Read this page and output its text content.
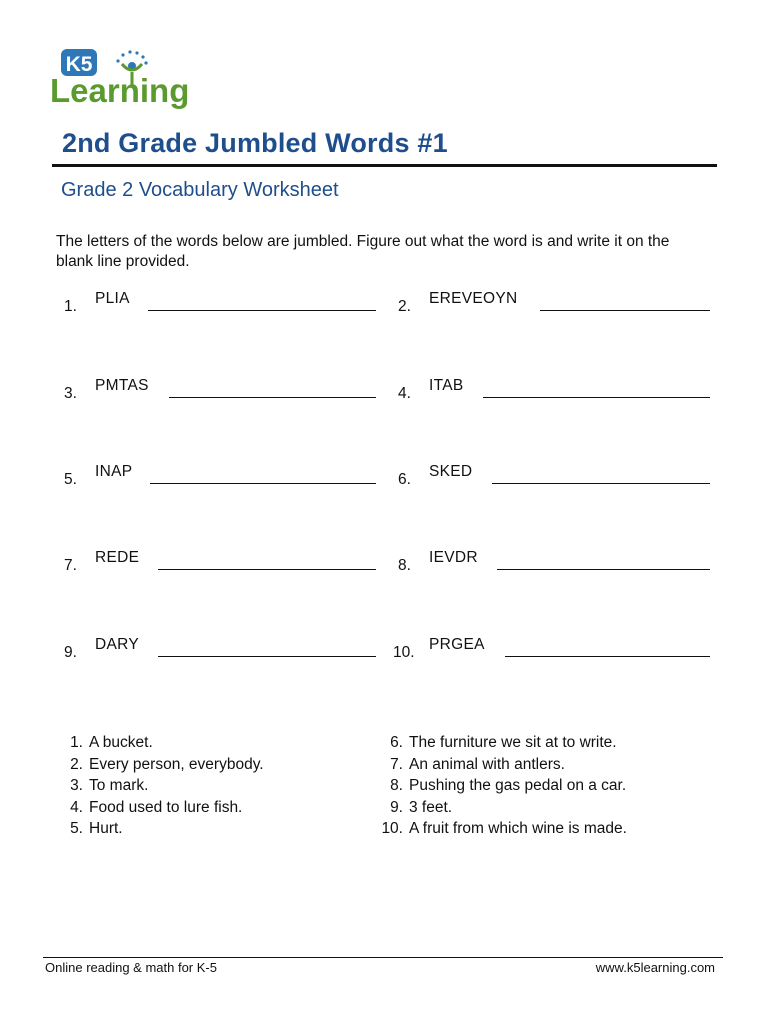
K5
Learning
2nd Grade Jumbled Words #1
Grade 2 Vocabulary Worksheet

The letters of the words below are jumbled. Figure out what the word is and write it on the blank line provided.

1. PLIA	2. EREVEOYN
3. PMTAS	4. ITAB
5. INAP	6. SKED
7. REDE	8. IEVDR
9. DARY	10. PRGEA
1. A bucket.
2. Every person, everybody.
3. To mark.
4. Food used to lure fish.
5. Hurt.
6. The furniture we sit at to write.
7. An animal with antlers.
8. Pushing the gas pedal on a car.
9. 3 feet.
10. A fruit from which wine is made.
Online reading & math for K-5	www.k5learning.com
